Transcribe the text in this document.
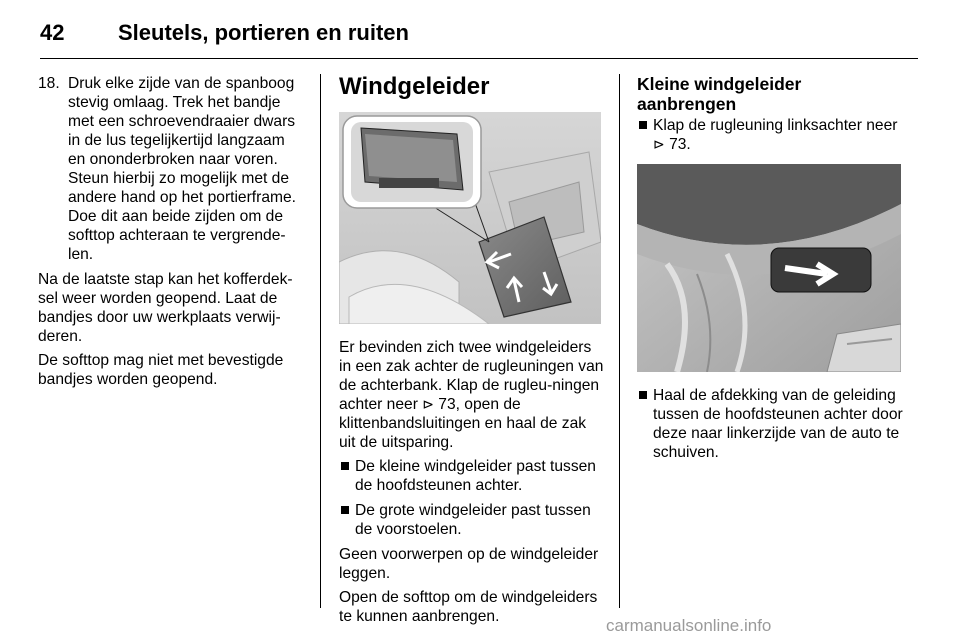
42 Sleutels, portieren en ruiten
18. Druk elke zijde van de spanboog stevig omlaag. Trek het bandje met een schroevendraaier dwars in de lus tegelijkertijd langzaam en ononderbroken naar voren. Steun hierbij zo mogelijk met de andere hand op het portierframe. Doe dit aan beide zijden om de softtop achteraan te vergrende-len.

Na de laatste stap kan het kofferdek-sel weer worden geopend. Laat de bandjes door uw werkplaats verwij-deren.

De softtop mag niet met bevestigde bandjes worden geopend.

Windgeleider

Er bevinden zich twee windgeleiders in een zak achter de rugleuningen van de achterbank. Klap de rugleu-ningen achter neer ⊳ 73, open de klittenbandsluitingen en haal de zak uit de uitsparing.

De kleine windgeleider past tussen de hoofdsteunen achter.
De grote windgeleider past tussen de voorstoelen.

Geen voorwerpen op de windgeleider leggen.

Open de softtop om de windgeleiders te kunnen aanbrengen.

Kleine windgeleider aanbrengen
Klap de rugleuning linksachter neer ⊳ 73.
Haal de afdekking van de geleiding tussen de hoofdsteunen achter door deze naar linkerzijde van de auto te schuiven.
carmanualsonline.info
